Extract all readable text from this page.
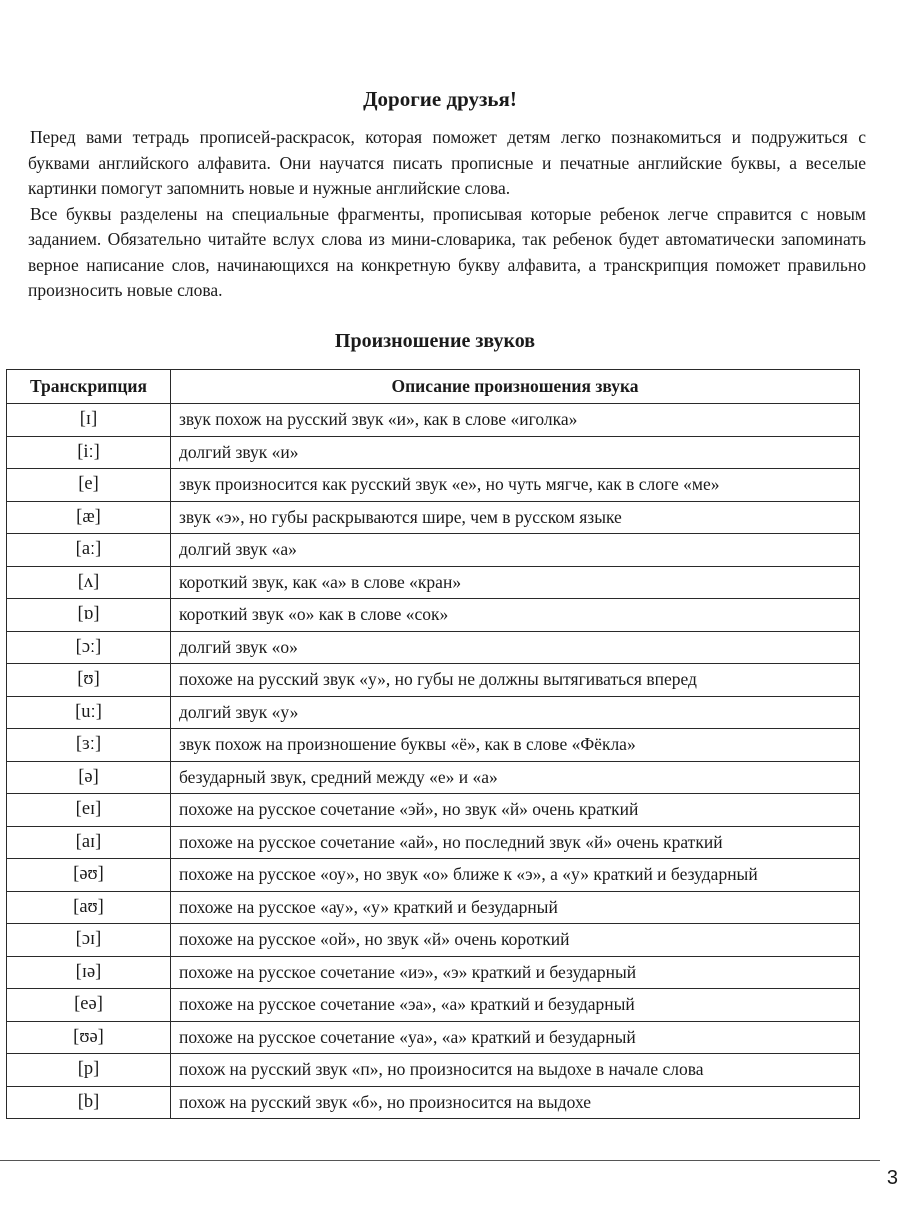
Дорогие друзья!

Перед вами тетрадь прописей-раскрасок, которая поможет детям легко познакомиться и подружиться с буквами английского алфавита. Они научатся писать прописные и печатные английские буквы, а веселые картинки помогут запомнить новые и нужные английские слова.

Все буквы разделены на специальные фрагменты, прописывая которые ребенок легче справится с новым заданием. Обязательно читайте вслух слова из мини-словарика, так ребенок будет автоматически запоминать верное написание слов, начинающихся на конкретную букву алфавита, а транскрипция поможет правильно произносить новые слова.

Произношение звуков
Транскрипция	Описание произношения звука
[ɪ]	звук похож на русский звук «и», как в слове «иголка»
[iː]	долгий звук «и»
[e]	звук произносится как русский звук «е», но чуть мягче, как в слоге «ме»
[æ]	звук «э», но губы раскрываются шире, чем в русском языке
[aː]	долгий звук «а»
[ʌ]	короткий звук, как «а» в слове «кран»
[ɒ]	короткий звук «о» как в слове «сок»
[ɔː]	долгий звук «о»
[ʊ]	похоже на русский звук «у», но губы не должны вытягиваться вперед
[uː]	долгий звук «у»
[ɜː]	звук похож на произношение буквы «ё», как в слове «Фёкла»
[ə]	безударный звук, средний между «е» и «а»
[eɪ]	похоже на русское сочетание «эй», но звук «й» очень краткий
[aɪ]	похоже на русское сочетание «ай», но последний звук «й» очень краткий
[əʊ]	похоже на русское «оу», но звук «о» ближе к «э», а «у» краткий и безударный
[aʊ]	похоже на русское «ау», «у» краткий и безударный
[ɔɪ]	похоже на русское «ой», но звук «й» очень короткий
[ɪə]	похоже на русское сочетание «иэ», «э» краткий и безударный
[eə]	похоже на русское сочетание «эа», «а» краткий и безударный
[ʊə]	похоже на русское сочетание «уа», «а» краткий и безударный
[p]	похож на русский звук «п», но произносится на выдохе в начале слова
[b]	похож на русский звук «б», но произносится на выдохе
3
